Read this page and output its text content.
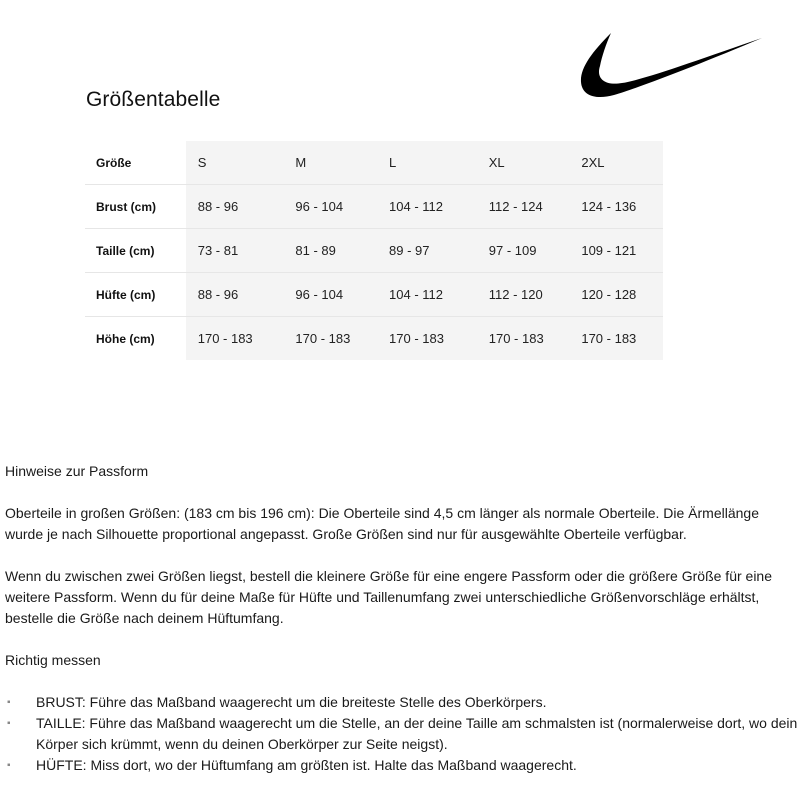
Größentabelle
Größe	S	M	L	XL	2XL
Brust (cm)	88 - 96	96 - 104	104 - 112	112 - 124	124 - 136
Taille (cm)	73 - 81	81 - 89	89 - 97	97 - 109	109 - 121
Hüfte (cm)	88 - 96	96 - 104	104 - 112	112 - 120	120 - 128
Höhe (cm)	170 - 183	170 - 183	170 - 183	170 - 183	170 - 183

Hinweise zur Passform

Oberteile in großen Größen: (183 cm bis 196 cm): Die Oberteile sind 4,5 cm länger als normale Oberteile. Die Ärmellänge wurde je nach Silhouette proportional angepasst. Große Größen sind nur für ausgewählte Oberteile verfügbar.

Wenn du zwischen zwei Größen liegst, bestell die kleinere Größe für eine engere Passform oder die größere Größe für eine weitere Passform. Wenn du für deine Maße für Hüfte und Taillenumfang zwei unterschiedliche Größenvorschläge erhältst, bestelle die Größe nach deinem Hüftumfang.

Richtig messen

▪ BRUST: Führe das Maßband waagerecht um die breiteste Stelle des Oberkörpers.
▪ TAILLE: Führe das Maßband waagerecht um die Stelle, an der deine Taille am schmalsten ist (normalerweise dort, wo dein Körper sich krümmt, wenn du deinen Oberkörper zur Seite neigst).
▪ HÜFTE: Miss dort, wo der Hüftumfang am größten ist. Halte das Maßband waagerecht.
